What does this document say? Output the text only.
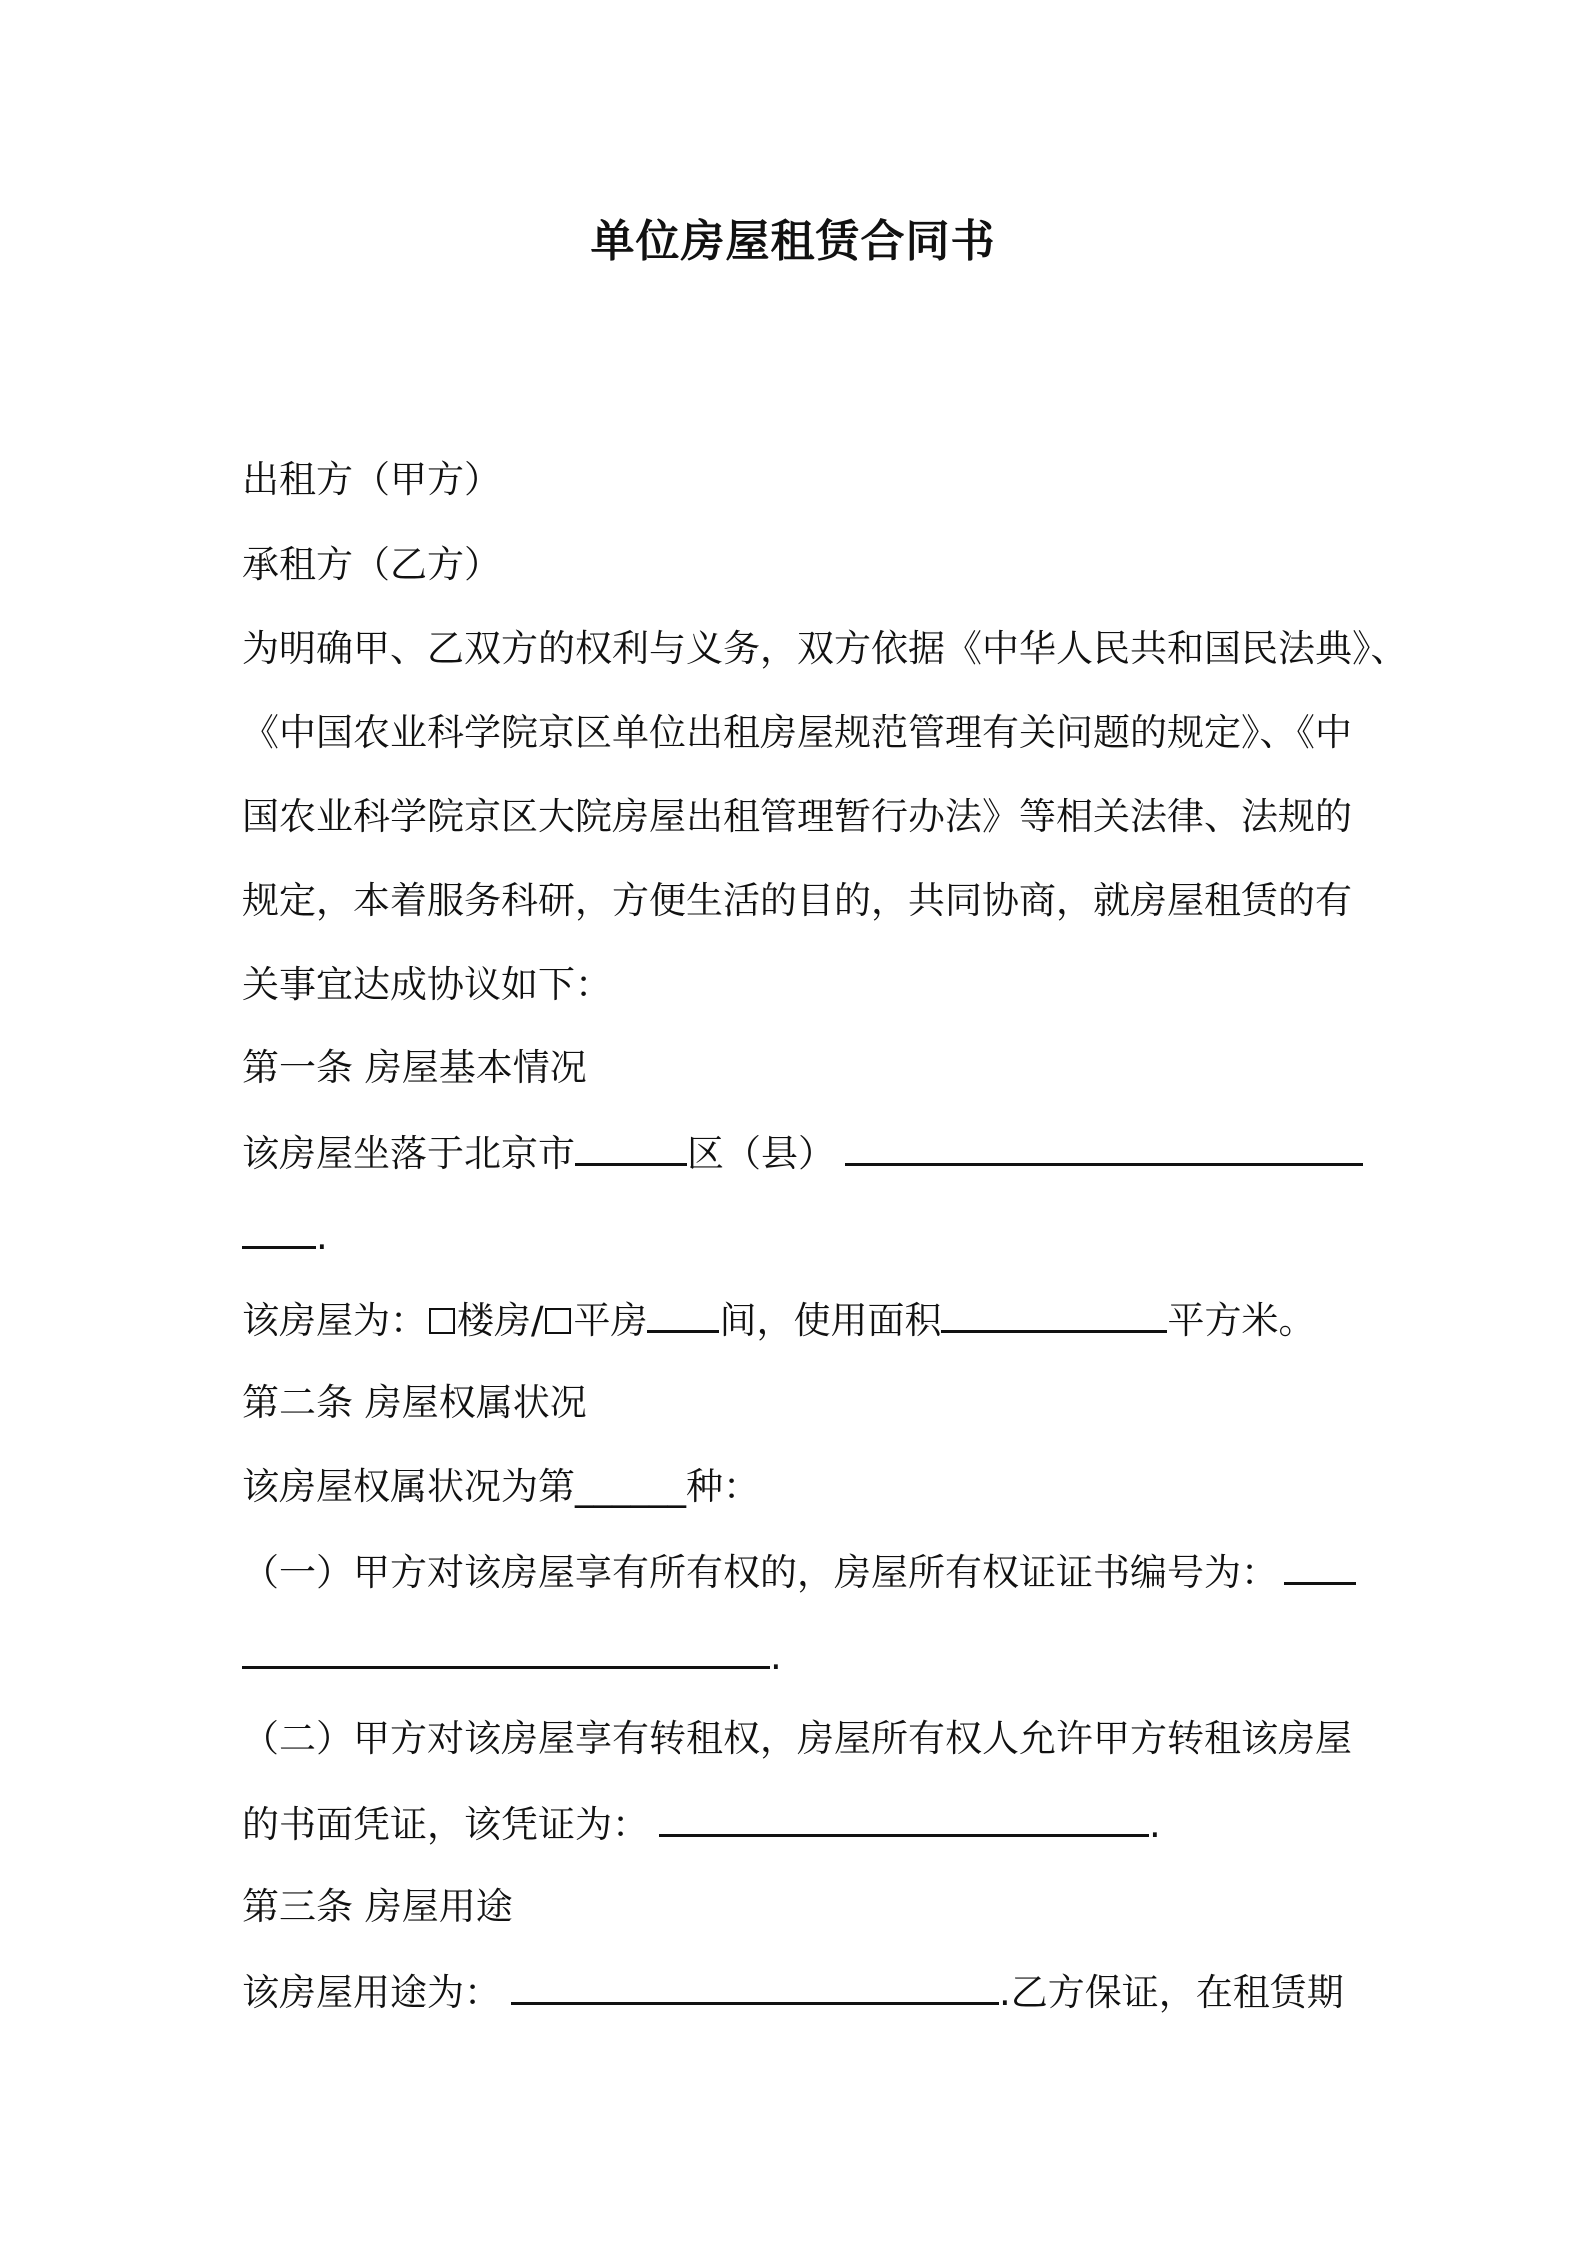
单位房屋租赁合同书
出租方（甲方）
承租方（乙方）
为明确甲、乙双方的权利与义务，双方依据《中华人民共和国民法典》、
《中国农业科学院京区单位出租房屋规范管理有关问题的规定》、《中
国农业科学院京区大院房屋出租管理暂行办法》等相关法律、法规的
规定，本着服务科研，方便生活的目的，共同协商，就房屋租赁的有
关事宜达成协议如下：
第一条 房屋基本情况
该房屋坐落于北京市	区（县）
.
该房屋为： 楼房/ 平房 间，使用面积	平方米。
第二条 房屋权属状况
该房屋权属状况为第______种：
（一）甲方对该房屋享有所有权的，房屋所有权证证书编号为：
.
（二）甲方对该房屋享有转租权，房屋所有权人允许甲方转租该房屋
的书面凭证，该凭证为：	.
第三条 房屋用途
该房屋用途为：	.乙方保证，在租赁期
